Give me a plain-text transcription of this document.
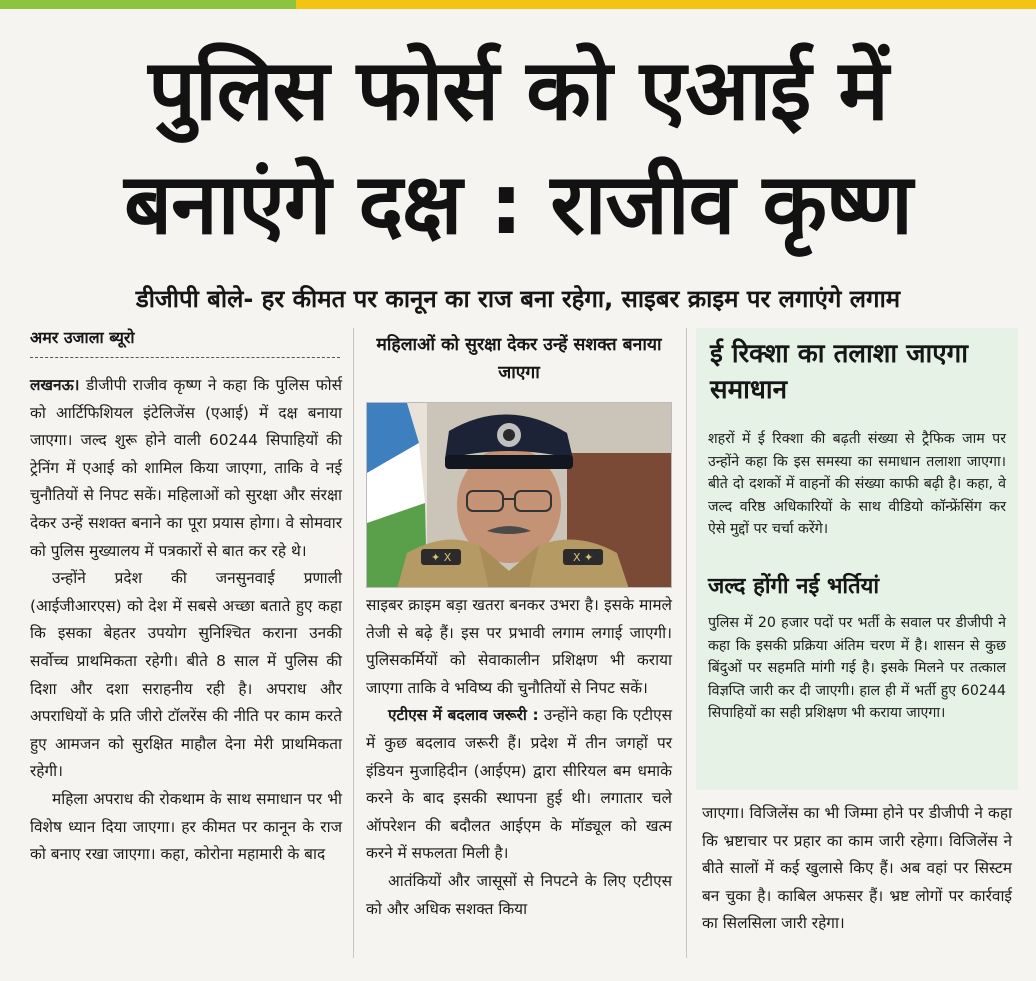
पुलिस फोर्स को एआई में
बनाएंगे दक्ष : राजीव कृष्ण
डीजीपी बोले- हर कीमत पर कानून का राज बना रहेगा, साइबर क्राइम पर लगाएंगे लगाम
अमर उजाला ब्यूरो

लखनऊ। डीजीपी राजीव कृष्ण ने कहा कि पुलिस फोर्स को आर्टिफिशियल इंटेलिजेंस (एआई) में दक्ष बनाया जाएगा। जल्द शुरू होने वाली 60244 सिपाहियों की ट्रेनिंग में एआई को शामिल किया जाएगा, ताकि वे नई चुनौतियों से निपट सकें। महिलाओं को सुरक्षा और संरक्षा देकर उन्हें सशक्त बनाने का पूरा प्रयास होगा। वे सोमवार को पुलिस मुख्यालय में पत्रकारों से बात कर रहे थे।

उन्होंने प्रदेश की जनसुनवाई प्रणाली (आईजीआरएस) को देश में सबसे अच्छा बताते हुए कहा कि इसका बेहतर उपयोग सुनिश्चित कराना उनकी सर्वोच्च प्राथमिकता रहेगी। बीते 8 साल में पुलिस की दिशा और दशा सराहनीय रही है। अपराध और अपराधियों के प्रति जीरो टॉलरेंस की नीति पर काम करते हुए आमजन को सुरक्षित माहौल देना मेरी प्राथमिकता रहेगी।

महिला अपराध की रोकथाम के साथ समाधान पर भी विशेष ध्यान दिया जाएगा। हर कीमत पर कानून के राज को बनाए रखा जाएगा। कहा, कोरोना महामारी के बाद

महिलाओं को सुरक्षा देकर उन्हें सशक्त बनाया जाएगा
✦ X	X ✦

साइबर क्राइम बड़ा खतरा बनकर उभरा है। इसके मामले तेजी से बढ़े हैं। इस पर प्रभावी लगाम लगाई जाएगी। पुलिसकर्मियों को सेवाकालीन प्रशिक्षण भी कराया जाएगा ताकि वे भविष्य की चुनौतियों से निपट सकें।

एटीएस में बदलाव जरूरी : उन्होंने कहा कि एटीएस में कुछ बदलाव जरूरी हैं। प्रदेश में तीन जगहों पर इंडियन मुजाहिदीन (आईएम) द्वारा सीरियल बम धमाके करने के बाद इसकी स्थापना हुई थी। लगातार चले ऑपरेशन की बदौलत आईएम के मॉड्यूल को खत्म करने में सफलता मिली है।

आतंकियों और जासूसों से निपटने के लिए एटीएस को और अधिक सशक्त किया

ई रिक्शा का तलाशा जाएगा समाधान
शहरों में ई रिक्शा की बढ़ती संख्या से ट्रैफिक जाम पर उन्होंने कहा कि इस समस्या का समाधान तलाशा जाएगा। बीते दो दशकों में वाहनों की संख्या काफी बढ़ी है। कहा, वे जल्द वरिष्ठ अधिकारियों के साथ वीडियो कॉन्फ्रेंसिंग कर ऐसे मुद्दों पर चर्चा करेंगे।
जल्द होंगी नई भर्तियां
पुलिस में 20 हजार पदों पर भर्ती के सवाल पर डीजीपी ने कहा कि इसकी प्रक्रिया अंतिम चरण में है। शासन से कुछ बिंदुओं पर सहमति मांगी गई है। इसके मिलने पर तत्काल विज्ञप्ति जारी कर दी जाएगी। हाल ही में भर्ती हुए 60244 सिपाहियों का सही प्रशिक्षण भी कराया जाएगा।

जाएगा। विजिलेंस का भी जिम्मा होने पर डीजीपी ने कहा कि भ्रष्टाचार पर प्रहार का काम जारी रहेगा। विजिलेंस ने बीते सालों में कई खुलासे किए हैं। अब वहां पर सिस्टम बन चुका है। काबिल अफसर हैं। भ्रष्ट लोगों पर कार्रवाई का सिलसिला जारी रहेगा।
